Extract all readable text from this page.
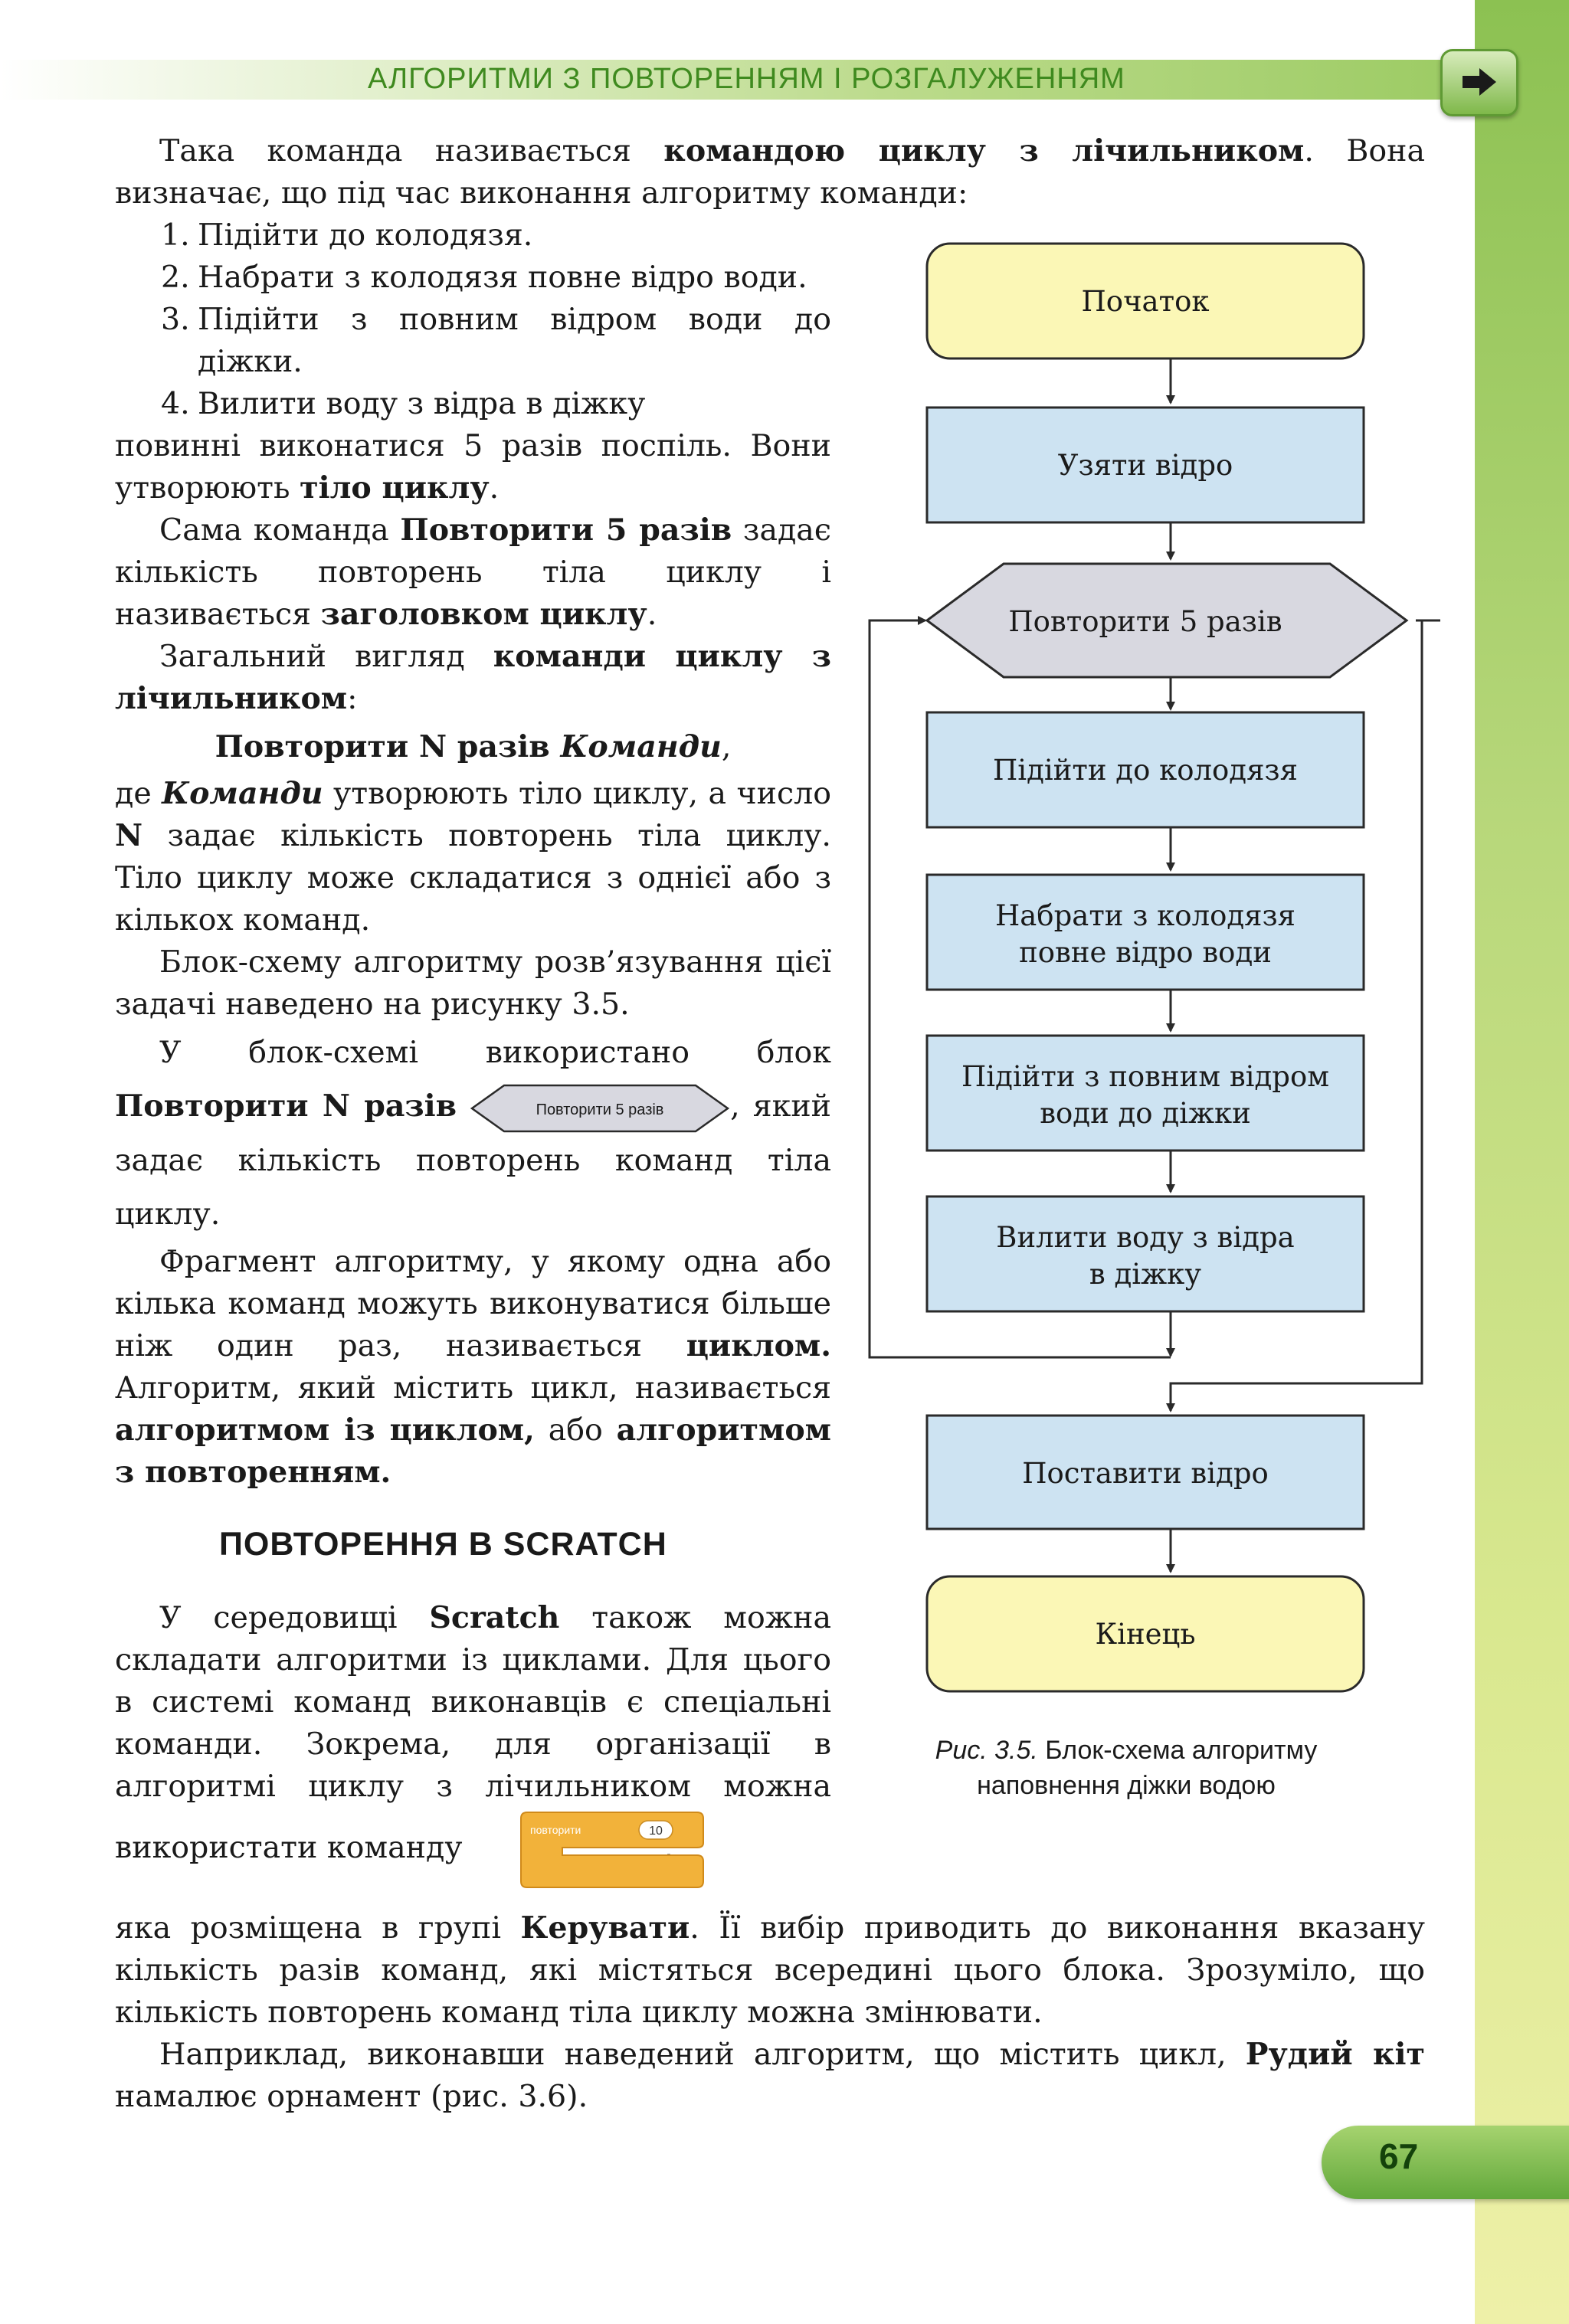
АЛГОРИТМИ З ПОВТОРЕННЯМ І РОЗГАЛУЖЕННЯМ

Така команда називається командою циклу з лічильником. Вона визначає, що під час виконання алгоритму команди:

1. Підійти до колодязя.

2. Набрати з колодязя повне відро води.

3. Підійти з повним відром води до діжки.

4. Вилити воду з відра в діжку

повинні виконатися 5 разів поспіль. Вони утворюють тіло циклу.

Сама команда Повторити 5 разів задає кількість повторень тіла циклу і називається заголовком циклу.

Загальний вигляд команди циклу з лічильником:

Повторити N разів Команди,

де Команди утворюють тіло циклу, а число N задає кількість повторень тіла циклу. Тіло циклу може складатися з однієї або з кількох команд.

Блок-схему алгоритму розв’язування цієї задачі наведено на рисунку 3.5.

У блок-схемі використано блок Повторити N разів	Повторити 5 разів , який задає кількість повторень команд тіла циклу.

Фрагмент алгоритму, у якому одна або кілька команд можуть виконуватися більше ніж один раз, називається циклом. Алгоритм, який містить цикл, називається алгоритмом із циклом, або алгоритмом з повторенням.

ПОВТОРЕННЯ В SCRATCH

У середовищі Scratch також можна складати алгоритми із циклами. Для цього в системі команд виконавців є спеціальні команди. Зокрема, для організації в алгоритмі циклу з лічильником можна використати команду	повторити	10

яка розміщена в групі Керувати. Її вибір приводить до виконання вказану кількість разів команд, які містяться всередині цього блока. Зрозуміло, що кількість повторень команд тіла циклу можна змінювати.

Наприклад, виконавши наведений алгоритм, що містить цикл, Рудий кіт намалює орнамент (рис. 3.6).

Початок
Узяти відро
Повторити 5 разів
Підійти до колодязя
Набрати з колодязя
повне відро води
Підійти з повним відром
води до діжки
Вилити воду з відра
в діжку
Поставити відро
Кінець
Рис. 3.5. Блок-схема алгоритму наповнення діжки водою
67
